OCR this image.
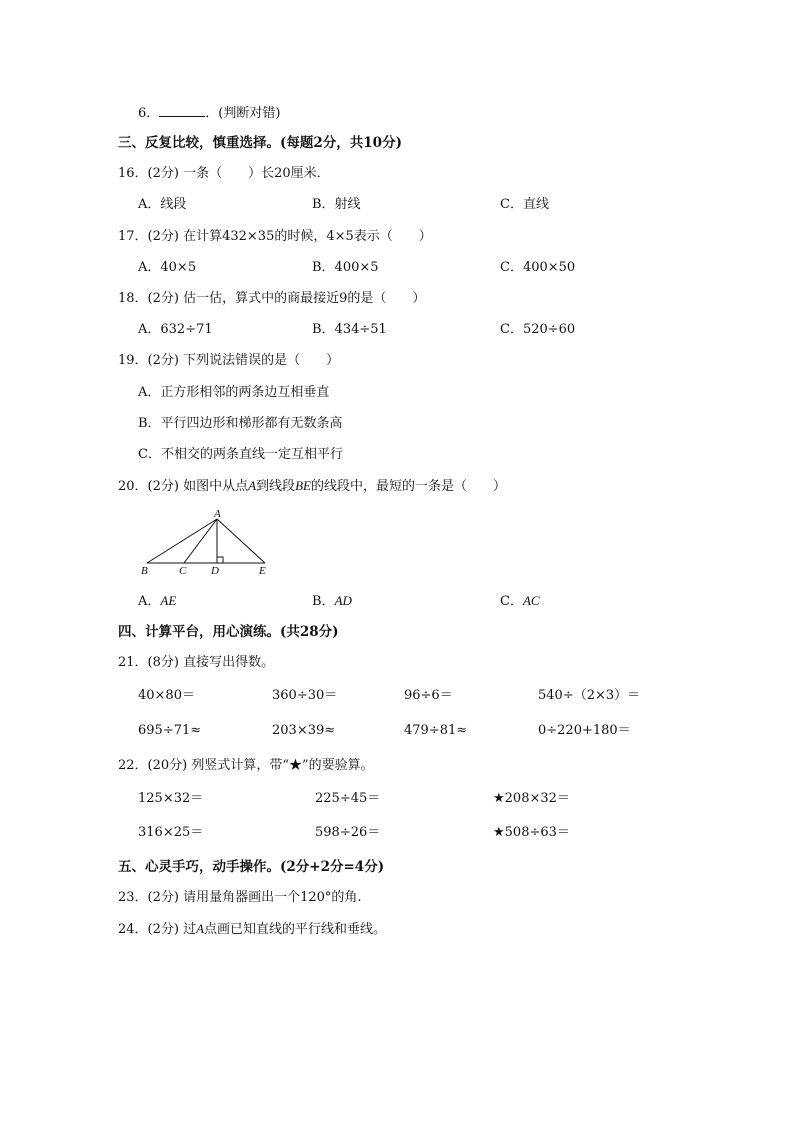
6．	．(判断对错)
三、反复比较，慎重选择。(每题2分，共10分)
16．(2分) 一条（　　）长20厘米．
A．线段	B．射线	C．直线
17．(2分) 在计算432×35的时候，4×5表示（　　）
A．40×5	B．400×5	C．400×50
18．(2分) 估一估，算式中的商最接近9的是（　　）
A．632÷71	B．434÷51	C．520÷60
19．(2分) 下列说法错误的是（　　）
A．正方形相邻的两条边互相垂直
B．平行四边形和梯形都有无数条高
C．不相交的两条直线一定互相平行
20．(2分) 如图中从点A到线段BE的线段中，最短的一条是（　　）
A
B	C D	E
A．AE	B．AD	C．AC
四、计算平台，用心演练。(共28分)
21．(8分) 直接写出得数。
40×80＝	360÷30＝	96÷6＝	540÷（2×3）＝
695÷71≈	203×39≈	479÷81≈	0÷220+180＝
22．(20分) 列竖式计算，带“★”的要验算。
125×32＝	225÷45＝	★208×32＝
316×25＝	598÷26＝	★508÷63＝
五、心灵手巧，动手操作。(2分+2分=4分)
23．(2分) 请用量角器画出一个120°的角.
24．(2分) 过A点画已知直线的平行线和垂线。
